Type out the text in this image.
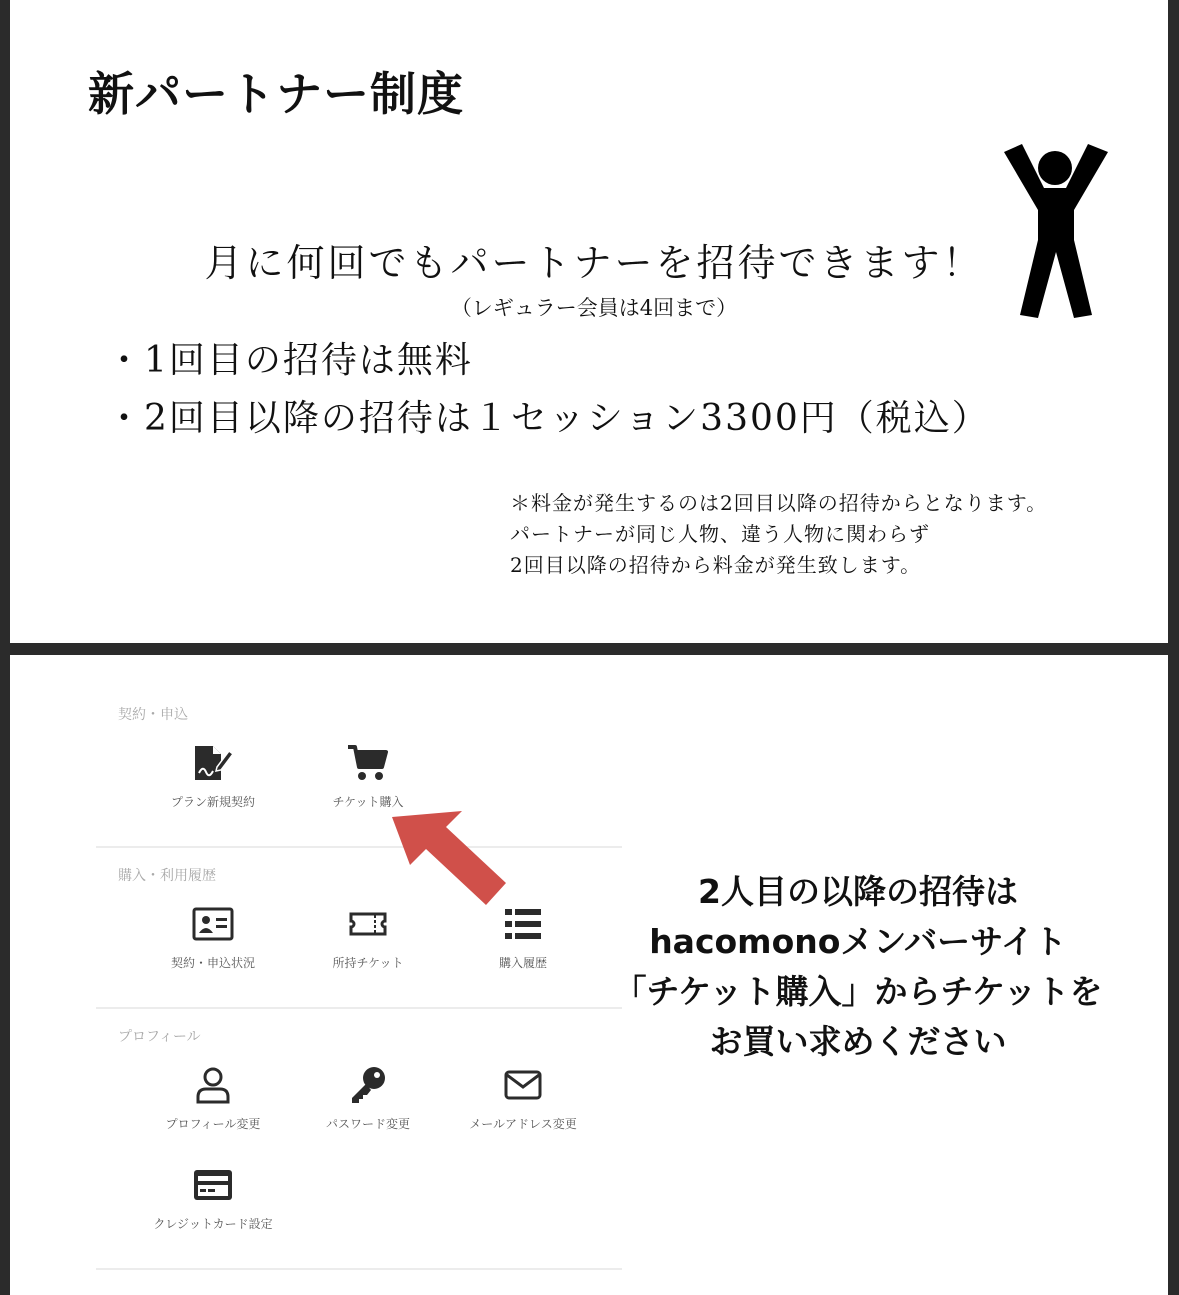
新パートナー制度
月に何回でもパートナーを招待できます！
（レギュラー会員は4回まで）
・1回目の招待は無料
・2回目以降の招待は１セッション3300円（税込）
＊料金が発生するのは2回目以降の招待からとなります。
パートナーが同じ人物、違う人物に関わらず
2回目以降の招待から料金が発生致します。
契約・申込
プラン新規契約	チケット購入
購入・利用履歴
契約・申込状況	所持チケット	購入履歴
プロフィール
プロフィール変更	パスワード変更	メールアドレス変更
クレジットカード設定
2人目の以降の招待は
hacomonoメンバーサイト
「チケット購入」からチケットを
お買い求めください
